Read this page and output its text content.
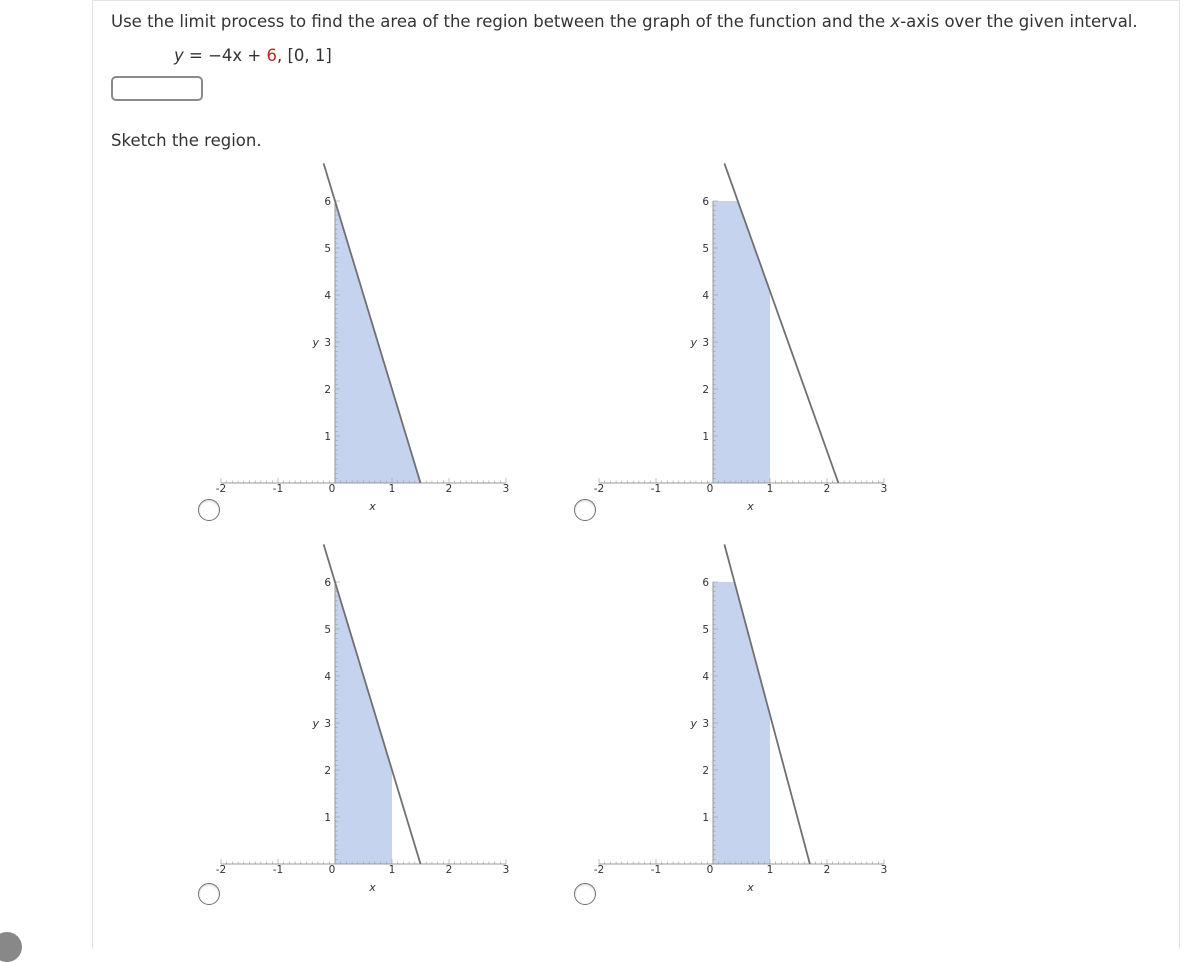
Use the limit process to find the area of the region between the graph of the function and the x-axis over the given interval.
y = −4x + 6, [0, 1]
Sketch the region.
-2	-1	0	1	2	3
1
2
3
4
5
6
x
y
-2	-1	0	1	2	3
1
2
3
4
5
6
x
y
-2	-1	0	1	2	3
1
2
3
4
5
6
x
y
-2	-1	0	1	2	3
1
2
3
4
5
6
x
y
